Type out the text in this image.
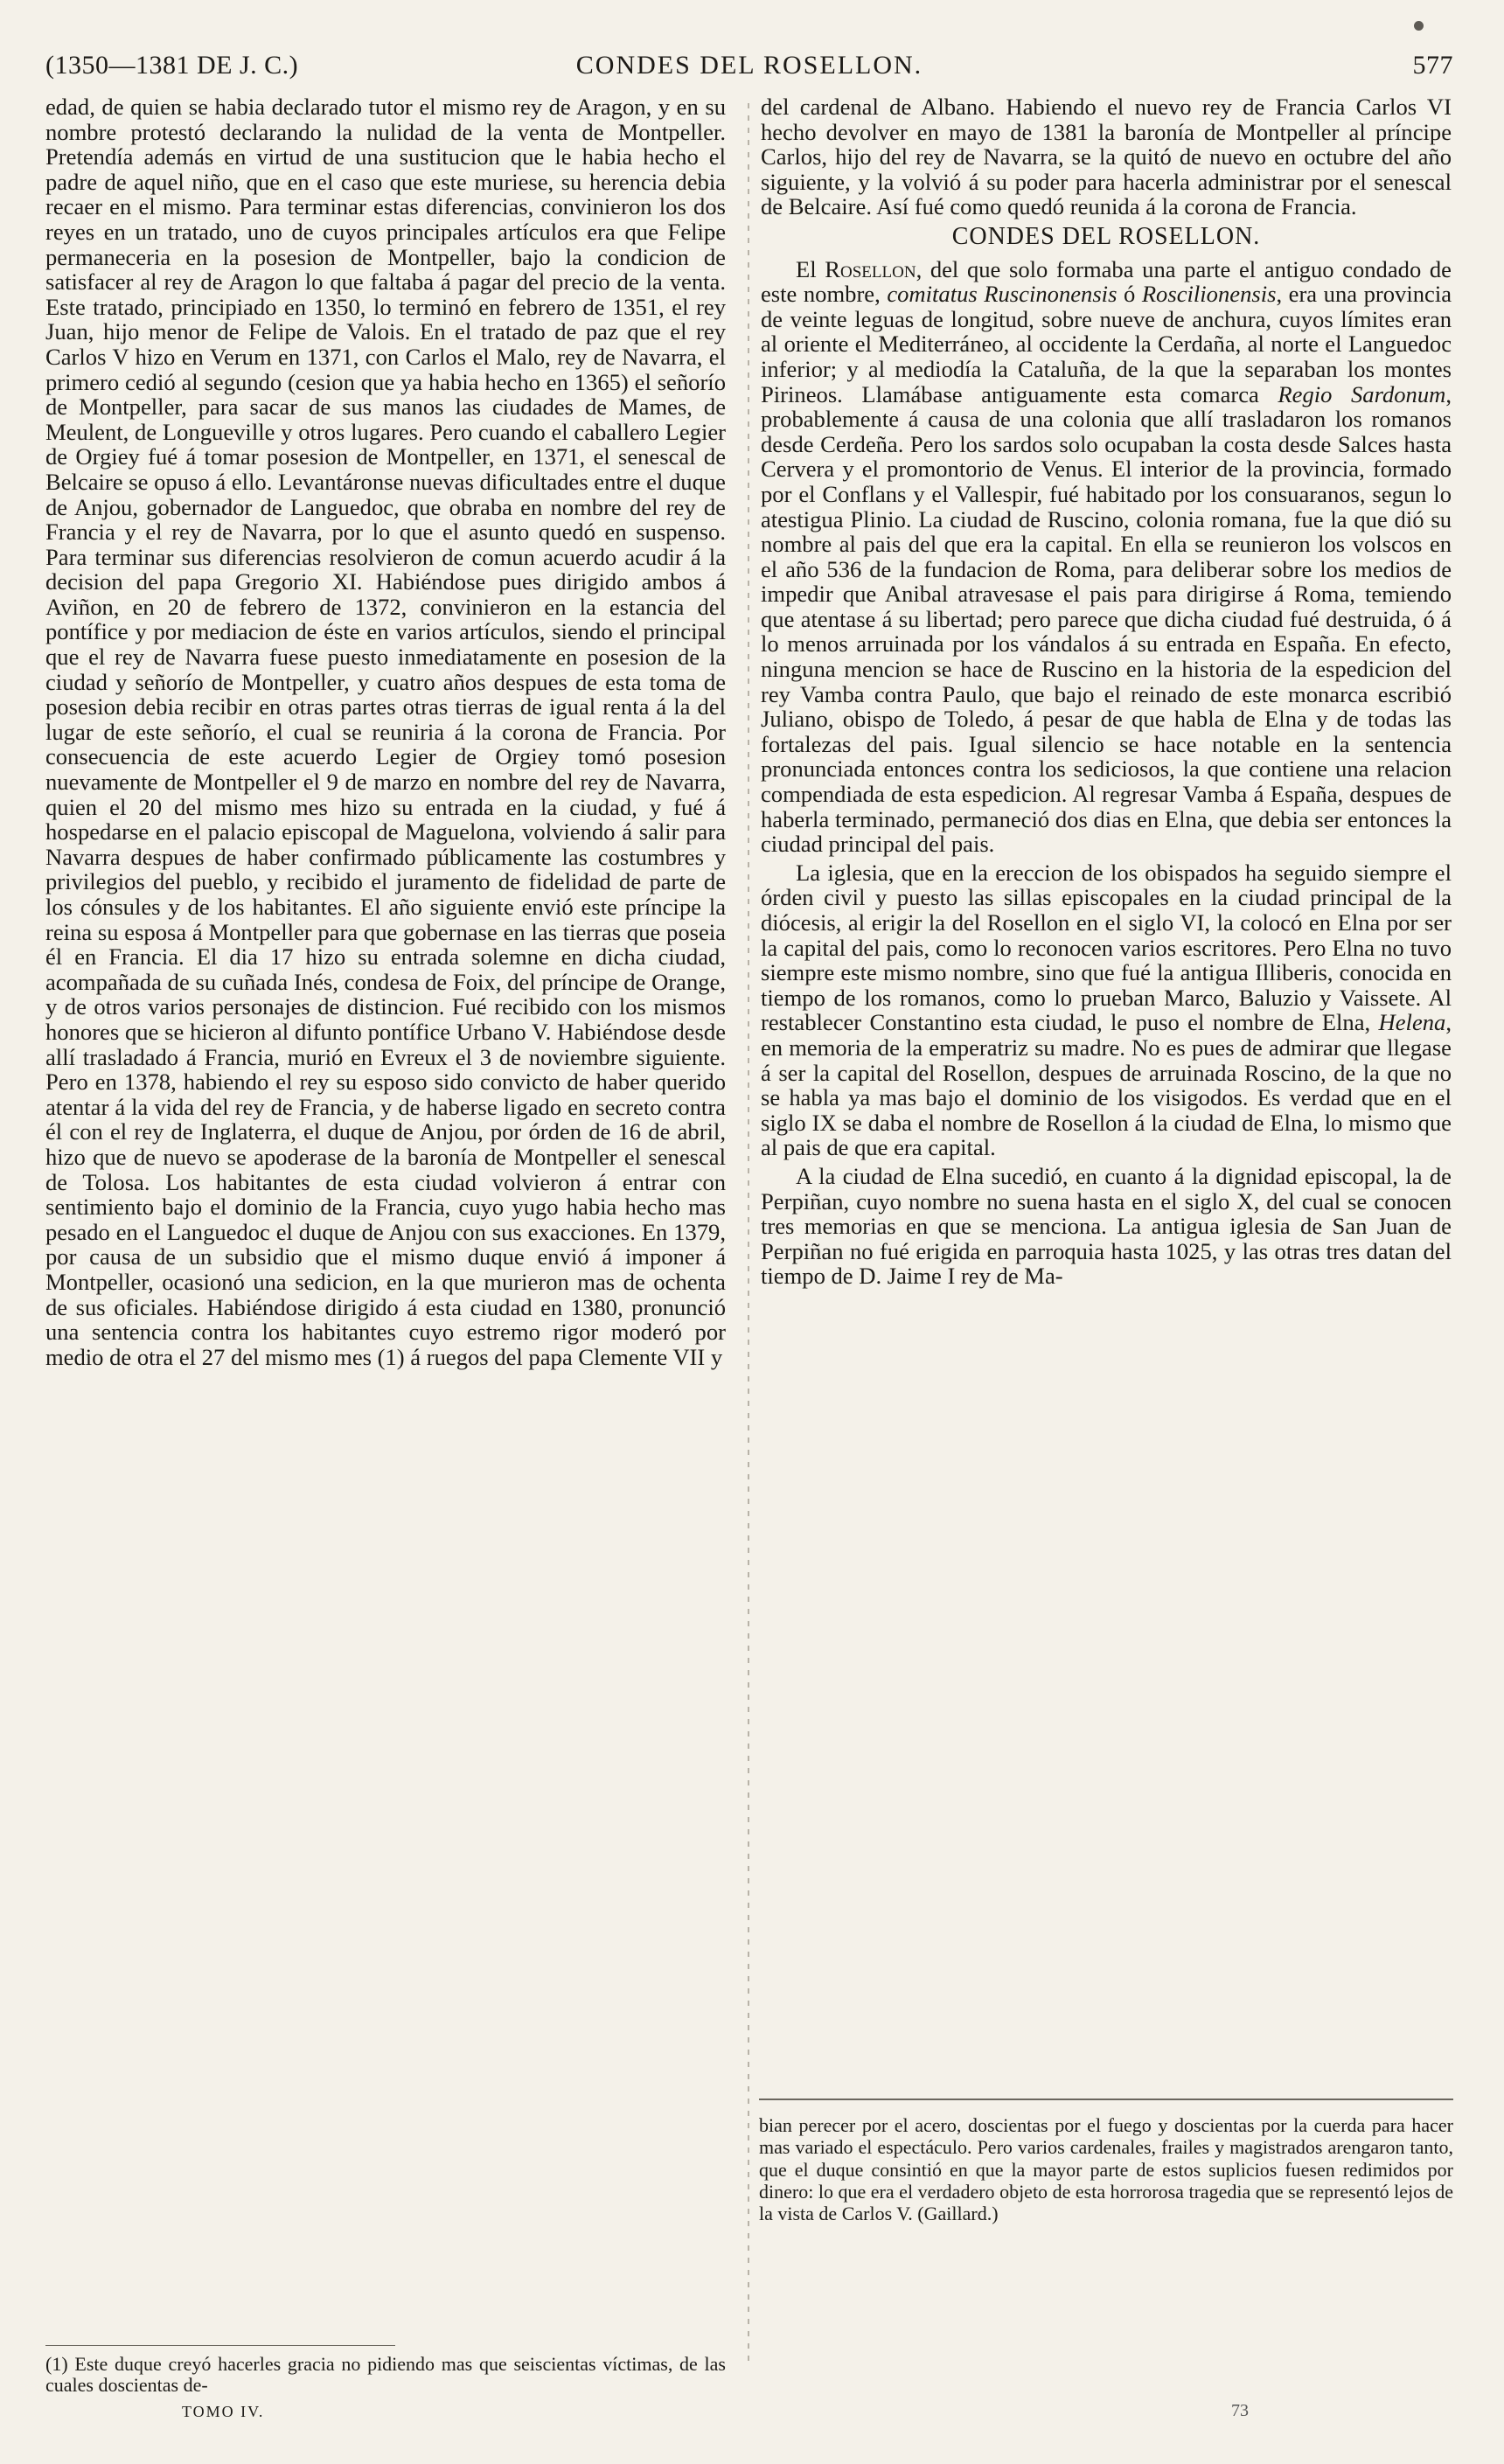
(1350—1381 DE J. C.)	CONDES DEL ROSELLON.	577

edad, de quien se habia declarado tutor el mismo rey de Aragon, y en su nombre protestó declarando la nulidad de la venta de Montpeller. Pretendía además en virtud de una sustitucion que le habia hecho el padre de aquel niño, que en el caso que este muriese, su herencia debia recaer en el mismo. Para terminar estas diferencias, convinieron los dos reyes en un tratado, uno de cuyos principales artículos era que Felipe permaneceria en la posesion de Montpeller, bajo la condicion de satisfacer al rey de Aragon lo que faltaba á pagar del precio de la venta. Este tratado, principiado en 1350, lo terminó en febrero de 1351, el rey Juan, hijo menor de Felipe de Valois. En el tratado de paz que el rey Carlos V hizo en Verum en 1371, con Carlos el Malo, rey de Navarra, el primero cedió al segundo (cesion que ya habia hecho en 1365) el señorío de Montpeller, para sacar de sus manos las ciudades de Mames, de Meulent, de Longueville y otros lugares. Pero cuando el caballero Legier de Orgiey fué á tomar posesion de Montpeller, en 1371, el senescal de Belcaire se opuso á ello. Levantáronse nuevas dificultades entre el duque de Anjou, gobernador de Languedoc, que obraba en nombre del rey de Francia y el rey de Navarra, por lo que el asunto quedó en suspenso. Para terminar sus diferencias resolvieron de comun acuerdo acudir á la decision del papa Gregorio XI. Habiéndose pues dirigido ambos á Aviñon, en 20 de febrero de 1372, convinieron en la estancia del pontífice y por mediacion de éste en varios artículos, siendo el principal que el rey de Navarra fuese puesto inmediatamente en posesion de la ciudad y señorío de Montpeller, y cuatro años despues de esta toma de posesion debia recibir en otras partes otras tierras de igual renta á la del lugar de este señorío, el cual se reuniria á la corona de Francia. Por consecuencia de este acuerdo Legier de Orgiey tomó posesion nuevamente de Montpeller el 9 de marzo en nombre del rey de Navarra, quien el 20 del mismo mes hizo su entrada en la ciudad, y fué á hospedarse en el palacio episcopal de Maguelona, volviendo á salir para Navarra despues de haber confirmado públicamente las costumbres y privilegios del pueblo, y recibido el juramento de fidelidad de parte de los cónsules y de los habitantes. El año siguiente envió este príncipe la reina su esposa á Montpeller para que gobernase en las tierras que poseia él en Francia. El dia 17 hizo su entrada solemne en dicha ciudad, acompañada de su cuñada Inés, condesa de Foix, del príncipe de Orange, y de otros varios personajes de distincion. Fué recibido con los mismos honores que se hicieron al difunto pontífice Urbano V. Habiéndose desde allí trasladado á Francia, murió en Evreux el 3 de noviembre siguiente. Pero en 1378, habiendo el rey su esposo sido convicto de haber querido atentar á la vida del rey de Francia, y de haberse ligado en secreto contra él con el rey de Inglaterra, el duque de Anjou, por órden de 16 de abril, hizo que de nuevo se apoderase de la baronía de Montpeller el senescal de Tolosa. Los habitantes de esta ciudad volvieron á entrar con sentimiento bajo el dominio de la Francia, cuyo yugo habia hecho mas pesado en el Languedoc el duque de Anjou con sus exacciones. En 1379, por causa de un subsidio que el mismo duque envió á imponer á Montpeller, ocasionó una sedicion, en la que murieron mas de ochenta de sus oficiales. Habiéndose dirigido á esta ciudad en 1380, pronunció una sentencia contra los habitantes cuyo estremo rigor moderó por medio de otra el 27 del mismo mes (1) á ruegos del papa Clemente VII y

del cardenal de Albano. Habiendo el nuevo rey de Francia Carlos VI hecho devolver en mayo de 1381 la baronía de Montpeller al príncipe Carlos, hijo del rey de Navarra, se la quitó de nuevo en octubre del año siguiente, y la volvió á su poder para hacerla administrar por el senescal de Belcaire. Así fué como quedó reunida á la corona de Francia.

CONDES DEL ROSELLON.

El Rosellon, del que solo formaba una parte el antiguo condado de este nombre, comitatus Ruscinonensis ó Roscilionensis, era una provincia de veinte leguas de longitud, sobre nueve de anchura, cuyos límites eran al oriente el Mediterráneo, al occidente la Cerdaña, al norte el Languedoc inferior; y al mediodía la Cataluña, de la que la separaban los montes Pirineos. Llamábase antiguamente esta comarca Regio Sardonum, probablemente á causa de una colonia que allí trasladaron los romanos desde Cerdeña. Pero los sardos solo ocupaban la costa desde Salces hasta Cervera y el promontorio de Venus. El interior de la provincia, formado por el Conflans y el Vallespir, fué habitado por los consuaranos, segun lo atestigua Plinio. La ciudad de Ruscino, colonia romana, fue la que dió su nombre al pais del que era la capital. En ella se reunieron los volscos en el año 536 de la fundacion de Roma, para deliberar sobre los medios de impedir que Anibal atravesase el pais para dirigirse á Roma, temiendo que atentase á su libertad; pero parece que dicha ciudad fué destruida, ó á lo menos arruinada por los vándalos á su entrada en España. En efecto, ninguna mencion se hace de Ruscino en la historia de la espedicion del rey Vamba contra Paulo, que bajo el reinado de este monarca escribió Juliano, obispo de Toledo, á pesar de que habla de Elna y de todas las fortalezas del pais. Igual silencio se hace notable en la sentencia pronunciada entonces contra los sediciosos, la que contiene una relacion compendiada de esta espedicion. Al regresar Vamba á España, despues de haberla terminado, permaneció dos dias en Elna, que debia ser entonces la ciudad principal del pais.

La iglesia, que en la ereccion de los obispados ha seguido siempre el órden civil y puesto las sillas episcopales en la ciudad principal de la diócesis, al erigir la del Rosellon en el siglo VI, la colocó en Elna por ser la capital del pais, como lo reconocen varios escritores. Pero Elna no tuvo siempre este mismo nombre, sino que fué la antigua Illiberis, conocida en tiempo de los romanos, como lo prueban Marco, Baluzio y Vaissete. Al restablecer Constantino esta ciudad, le puso el nombre de Elna, Helena, en memoria de la emperatriz su madre. No es pues de admirar que llegase á ser la capital del Rosellon, despues de arruinada Roscino, de la que no se habla ya mas bajo el dominio de los visigodos. Es verdad que en el siglo IX se daba el nombre de Rosellon á la ciudad de Elna, lo mismo que al pais de que era capital.

A la ciudad de Elna sucedió, en cuanto á la dignidad episcopal, la de Perpiñan, cuyo nombre no suena hasta en el siglo X, del cual se conocen tres memorias en que se menciona. La antigua iglesia de San Juan de Perpiñan no fué erigida en parroquia hasta 1025, y las otras tres datan del tiempo de D. Jaime I rey de Ma-

bian perecer por el acero, doscientas por el fuego y doscientas por la cuerda para hacer mas variado el espectáculo. Pero varios cardenales, frailes y magistrados arengaron tanto, que el duque consintió en que la mayor parte de estos suplicios fuesen redimidos por dinero: lo que era el verdadero objeto de esta horrorosa tragedia que se representó lejos de la vista de Carlos V. (Gaillard.)
(1) Este duque creyó hacerles gracia no pidiendo mas que seiscientas víctimas, de las cuales doscientas de-
TOMO IV.	73
